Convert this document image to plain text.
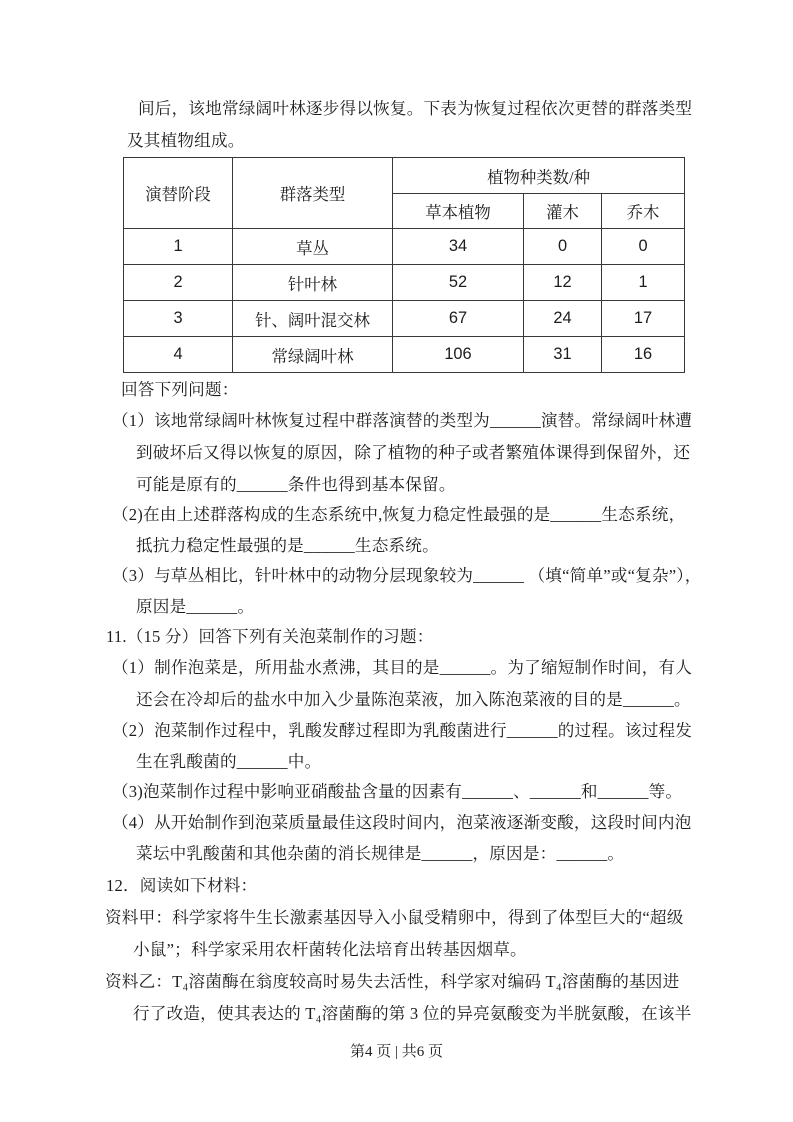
间后，该地常绿阔叶林逐步得以恢复。下表为恢复过程依次更替的群落类型
及其植物组成。
演替阶段	群落类型	植物种类数/种		
		草本植物	灌木	乔木
1	草丛	34	0	0
2	针叶林	52	12	1
3	针、阔叶混交林	67	24	17
4	常绿阔叶林	106	31	16
回答下列问题：
（1）该地常绿阔叶林恢复过程中群落演替的类型为______演替。常绿阔叶林遭
到破坏后又得以恢复的原因，除了植物的种子或者繁殖体课得到保留外，还
可能是原有的______条件也得到基本保留。
（2)在由上述群落构成的生态系统中,恢复力稳定性最强的是______生态系统，
抵抗力稳定性最强的是______生态系统。
（3）与草丛相比，针叶林中的动物分层现象较为______ （填“简单”或“复杂”），
原因是______。
11.（15 分）回答下列有关泡菜制作的习题：
（1）制作泡菜是，所用盐水煮沸，其目的是______。为了缩短制作时间，有人
还会在冷却后的盐水中加入少量陈泡菜液，加入陈泡菜液的目的是______。
（2）泡菜制作过程中，乳酸发酵过程即为乳酸菌进行______的过程。该过程发
生在乳酸菌的______中。
（3)泡菜制作过程中影响亚硝酸盐含量的因素有______、______和______等。
（4）从开始制作到泡菜质量最佳这段时间内，泡菜液逐渐变酸，这段时间内泡
菜坛中乳酸菌和其他杂菌的消长规律是______，原因是：______。
12．阅读如下材料：
资料甲：科学家将牛生长激素基因导入小鼠受精卵中，得到了体型巨大的“超级
小鼠”；科学家采用农杆菌转化法培育出转基因烟草。
资料乙：T₄溶菌酶在翁度较高时易失去活性，科学家对编码 T₄溶菌酶的基因进
行了改造，使其表达的 T₄溶菌酶的第 3 位的异亮氨酸变为半胱氨酸，在该半
第4 页 | 共6 页
